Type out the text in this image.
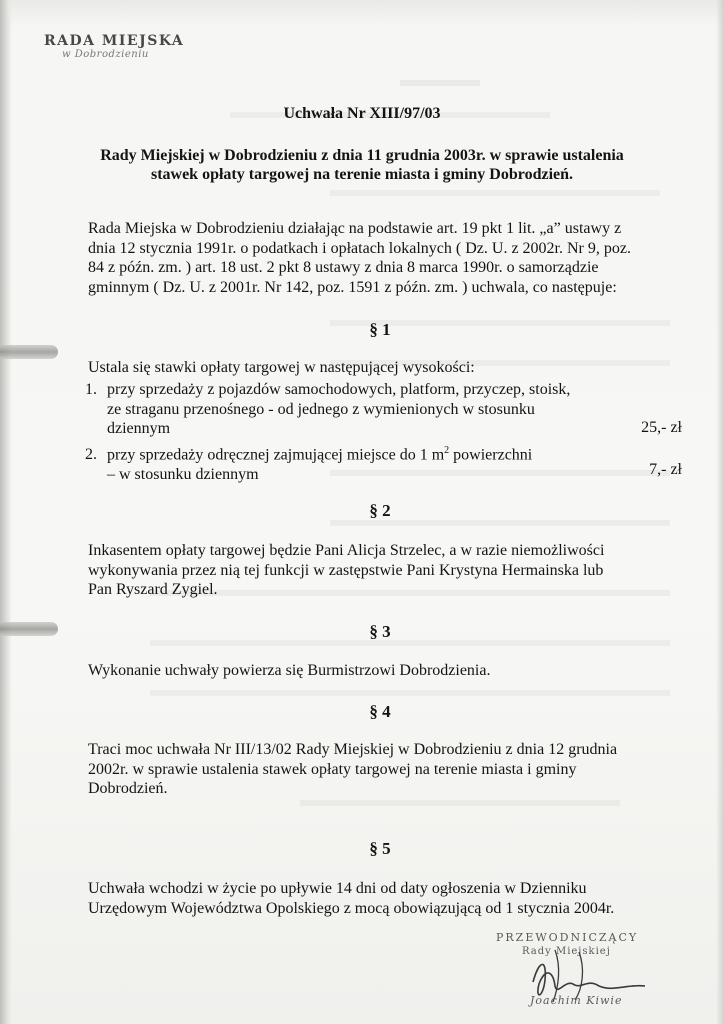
RADA MIEJSKA
w Dobrodzieniu
Uchwała Nr XIII/97/03
Rady Miejskiej w Dobrodzieniu z dnia 11 grudnia 2003r. w sprawie ustalenia
stawek opłaty targowej na terenie miasta i gminy Dobrodzień.
Rada Miejska w Dobrodzieniu działając na podstawie art. 19 pkt 1 lit. „a” ustawy z
dnia 12 stycznia 1991r. o podatkach i opłatach lokalnych ( Dz. U. z 2002r. Nr 9, poz.
84 z późn. zm. ) art. 18 ust. 2 pkt 8 ustawy z dnia 8 marca 1990r. o samorządzie
gminnym ( Dz. U. z 2001r. Nr 142, poz. 1591 z późn. zm. ) uchwala, co następuje:
§ 1
Ustala się stawki opłaty targowej w następującej wysokości:
1. przy sprzedaży z pojazdów samochodowych, platform, przyczep, stoisk,
ze straganu przenośnego - od jednego z wymienionych w stosunku
dziennym	25,- zł
2. przy sprzedaży odręcznej zajmującej miejsce do 1 $m^2$ powierzchni
– w stosunku dziennym	7,- zł
§ 2
Inkasentem opłaty targowej będzie Pani Alicja Strzelec, a w razie niemożliwości
wykonywania przez nią tej funkcji w zastępstwie Pani Krystyna Hermainska lub
Pan Ryszard Zygiel.
§ 3
Wykonanie uchwały powierza się Burmistrzowi Dobrodzienia.
§ 4
Traci moc uchwała Nr III/13/02 Rady Miejskiej w Dobrodzieniu z dnia 12 grudnia
2002r. w sprawie ustalenia stawek opłaty targowej na terenie miasta i gminy
Dobrodzień.
§ 5
Uchwała wchodzi w życie po upływie 14 dni od daty ogłoszenia w Dzienniku
Urzędowym Województwa Opolskiego z mocą obowiązującą od 1 stycznia 2004r.
PRZEWODNICZĄCY
Rady Miejskiej
Joachim Kiwie
